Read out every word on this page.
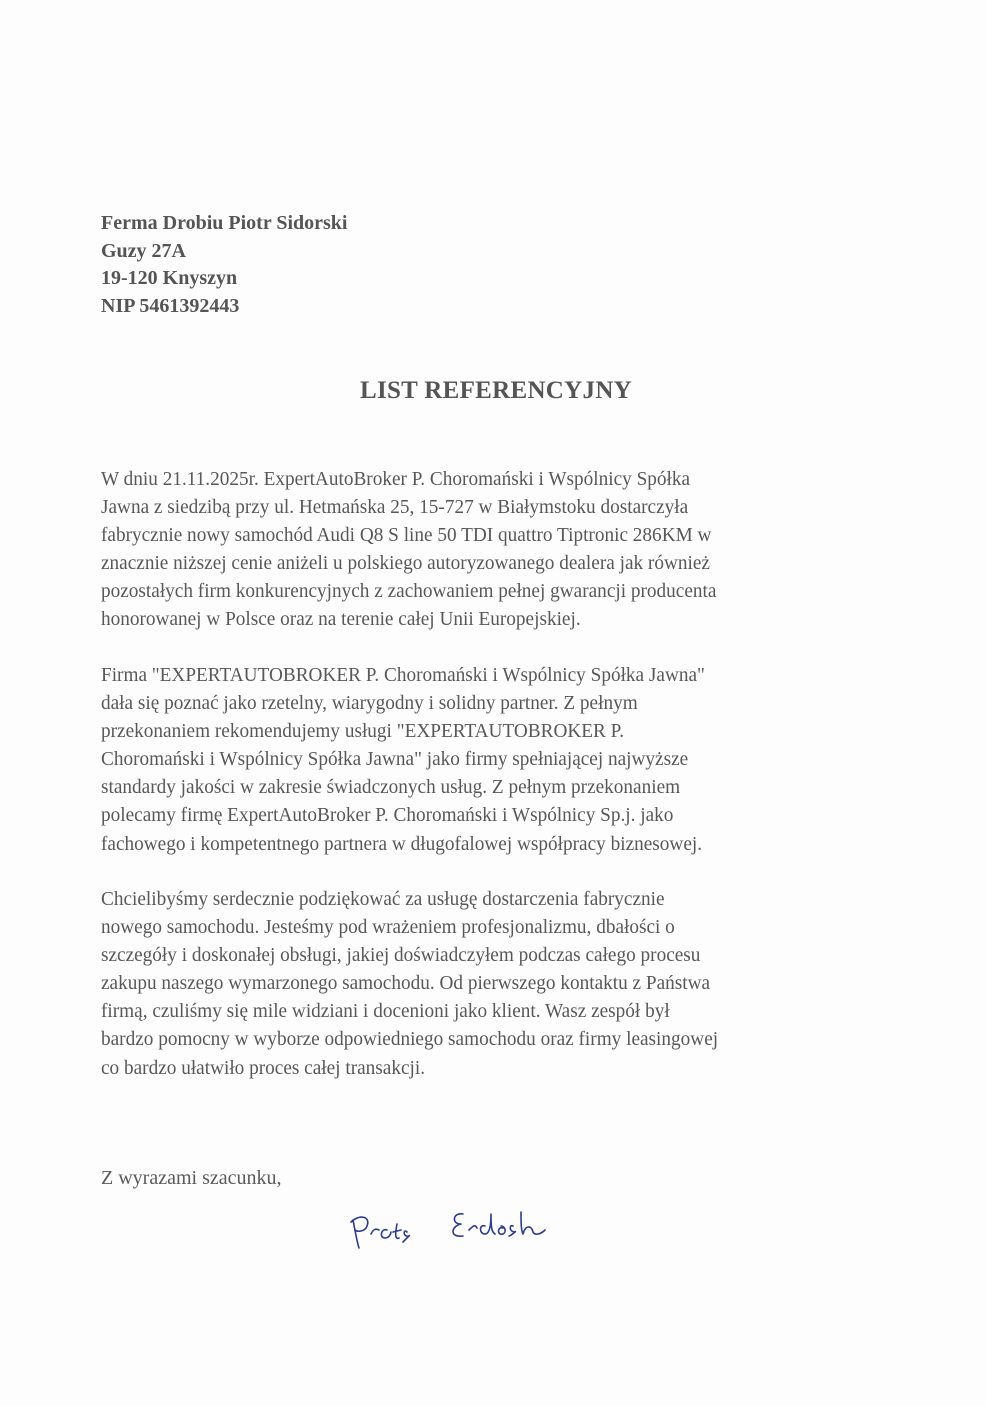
Ferma Drobiu Piotr Sidorski
Guzy 27A
19-120 Knyszyn
NIP 5461392443
LIST REFERENCYJNY
W dniu 21.11.2025r. ExpertAutoBroker P. Choromański i Wspólnicy Spółka
Jawna z siedzibą przy ul. Hetmańska 25, 15-727 w Białymstoku dostarczyła
fabrycznie nowy samochód Audi Q8 S line 50 TDI quattro Tiptronic 286KM w
znacznie niższej cenie aniżeli u polskiego autoryzowanego dealera jak również
pozostałych firm konkurencyjnych z zachowaniem pełnej gwarancji producenta
honorowanej w Polsce oraz na terenie całej Unii Europejskiej.
Firma "EXPERTAUTOBROKER P. Choromański i Wspólnicy Spółka Jawna"
dała się poznać jako rzetelny, wiarygodny i solidny partner. Z pełnym
przekonaniem rekomendujemy usługi "EXPERTAUTOBROKER P.
Choromański i Wspólnicy Spółka Jawna" jako firmy spełniającej najwyższe
standardy jakości w zakresie świadczonych usług. Z pełnym przekonaniem
polecamy firmę ExpertAutoBroker P. Choromański i Wspólnicy Sp.j. jako
fachowego i kompetentnego partnera w długofalowej współpracy biznesowej.
Chcielibyśmy serdecznie podziękować za usługę dostarczenia fabrycznie
nowego samochodu. Jesteśmy pod wrażeniem profesjonalizmu, dbałości o
szczegóły i doskonałej obsługi, jakiej doświadczyłem podczas całego procesu
zakupu naszego wymarzonego samochodu. Od pierwszego kontaktu z Państwa
firmą, czuliśmy się mile widziani i docenioni jako klient. Wasz zespół był
bardzo pomocny w wyborze odpowiedniego samochodu oraz firmy leasingowej
co bardzo ułatwiło proces całej transakcji.
Z wyrazami szacunku,
